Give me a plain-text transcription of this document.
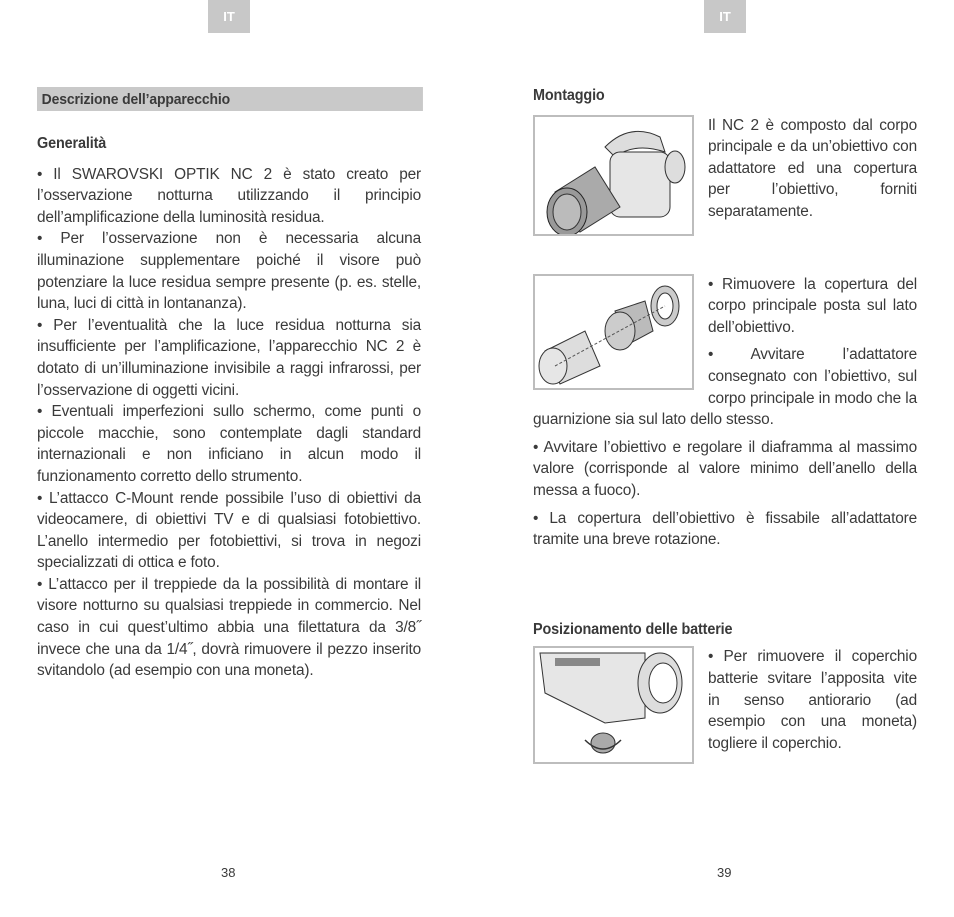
IT	IT
Descrizione dell’apparecchio
Generalità

• Il SWAROVSKI OPTIK NC 2 è stato creato per l’osservazione notturna utilizzando il principio dell’amplificazione della luminosità residua.

• Per l’osservazione non è necessaria alcuna illuminazione supplementare poiché il visore può potenziare la luce residua sempre presente (p. es. stelle, luna, luci di città in lontananza).

• Per l’eventualità che la luce residua notturna sia insufficiente per l’amplificazione, l’apparecchio NC 2 è dotato di un’illuminazione invisibile a raggi infrarossi, per l’osservazione di oggetti vicini.

• Eventuali imperfezioni sullo schermo, come punti o piccole macchie, sono contemplate dagli standard internazionali e non inficiano in alcun modo il funzionamento corretto dello strumento.

• L’attacco C-Mount rende possibile l’uso di obiettivi da videocamere, di obiettivi TV e di qualsiasi fotobiettivo. L’anello intermedio per fotobiettivi, si trova in negozi specializzati di ottica e foto.

• L’attacco per il treppiede da la possibilità di montare il visore notturno su qualsiasi treppiede in commercio. Nel caso in cui quest’ultimo abbia una filettatura da 3/8˝ invece che una da 1/4˝, dovrà rimuovere il pezzo inserito svitandolo (ad esempio con una moneta).

Montaggio

Il NC 2 è composto dal corpo principale e da un’obiettivo con adattatore ed una copertura per l’obiettivo, forniti separatamente.

• Rimuovere la copertura del corpo principale posta sul lato dell’obiettivo.

• Avvitare l’adattatore consegnato con l’obiettivo, sul corpo principale in modo che la guarnizione sia sul lato dello stesso.

• Avvitare l’obiettivo e regolare il diaframma al massimo valore (corrisponde al valore minimo dell’anello della messa a fuoco).

• La copertura dell’obiettivo è fissabile all’adattatore tramite una breve rotazione.

Posizionamento delle batterie

• Per rimuovere il coperchio batterie svitare l’apposita vite in senso antiorario (ad esempio con una moneta) togliere il coperchio.

38	39
